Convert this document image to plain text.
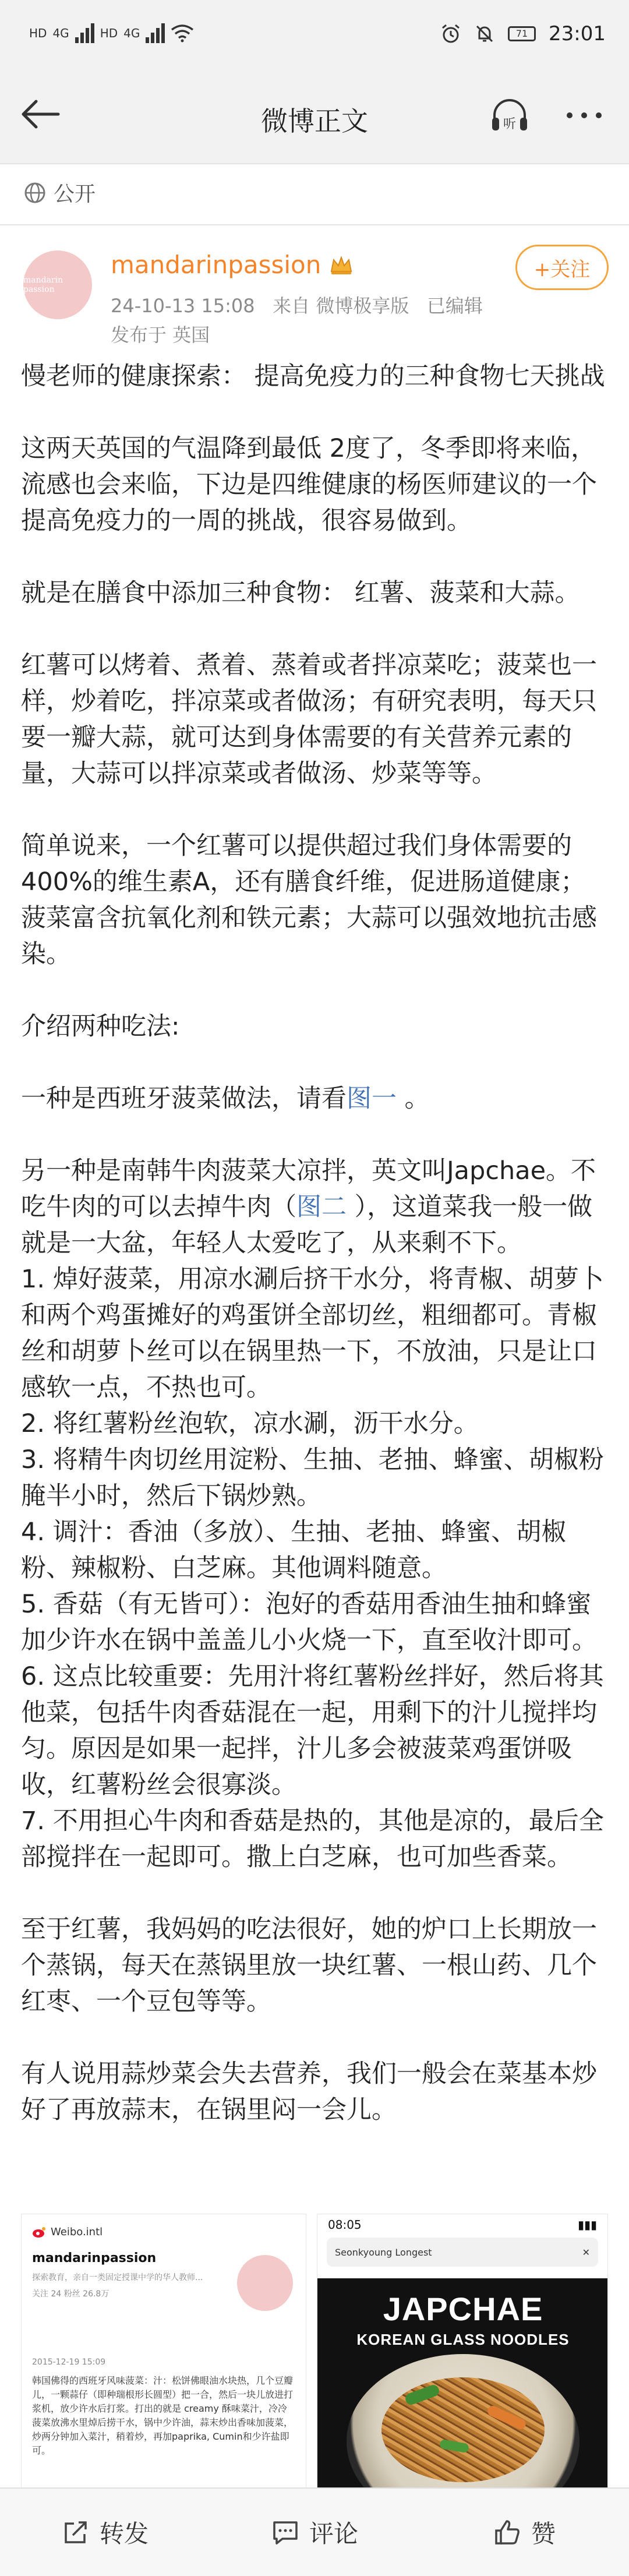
HD 4G	HD 4G	71	23:01
微博正文	听
公开
mandarin passion
mandarinpassion
24-10-13 15:08 来自 微博极享版 已编辑
发布于 英国
+关注

慢老师的健康探索： 提高免疫力的三种食物七天挑战

这两天英国的气温降到最低 2度了，冬季即将来临，流感也会来临，下边是四维健康的杨医师建议的一个提高免疫力的一周的挑战，很容易做到。

就是在膳食中添加三种食物： 红薯、菠菜和大蒜。

红薯可以烤着、煮着、蒸着或者拌凉菜吃；菠菜也一样，炒着吃，拌凉菜或者做汤；有研究表明，每天只要一瓣大蒜，就可达到身体需要的有关营养元素的量，大蒜可以拌凉菜或者做汤、炒菜等等。

简单说来，一个红薯可以提供超过我们身体需要的400%的维生素A，还有膳食纤维，促进肠道健康；菠菜富含抗氧化剂和铁元素；大蒜可以强效地抗击感染。

介绍两种吃法:

一种是西班牙菠菜做法，请看图一 。

另一种是南韩牛肉菠菜大凉拌，英文叫Japchae。不吃牛肉的可以去掉牛肉（图二 ），这道菜我一般一做就是一大盆，年轻人太爱吃了，从来剩不下。

1. 焯好菠菜，用凉水涮后挤干水分，将青椒、胡萝卜和两个鸡蛋摊好的鸡蛋饼全部切丝，粗细都可。青椒丝和胡萝卜丝可以在锅里热一下，不放油，只是让口感软一点，不热也可。

2. 将红薯粉丝泡软，凉水涮，沥干水分。

3. 将精牛肉切丝用淀粉、生抽、老抽、蜂蜜、胡椒粉腌半小时，然后下锅炒熟。

4. 调汁：香油（多放）、生抽、老抽、蜂蜜、胡椒粉、辣椒粉、白芝麻。其他调料随意。

5. 香菇（有无皆可）：泡好的香菇用香油生抽和蜂蜜加少许水在锅中盖盖儿小火烧一下，直至收汁即可。

6. 这点比较重要：先用汁将红薯粉丝拌好，然后将其他菜，包括牛肉香菇混在一起，用剩下的汁儿搅拌均匀。原因是如果一起拌，汁儿多会被菠菜鸡蛋饼吸收，红薯粉丝会很寡淡。

7. 不用担心牛肉和香菇是热的，其他是凉的，最后全部搅拌在一起即可。撒上白芝麻，也可加些香菜。

至于红薯，我妈妈的吃法很好，她的炉口上长期放一个蒸锅，每天在蒸锅里放一块红薯、一根山药、几个红枣、一个豆包等等。

有人说用蒜炒菜会失去营养，我们一般会在菜基本炒好了再放蒜末，在锅里闷一会儿。

Weibo.intl
mandarinpassion
探索教育，亲自一类固定授课中学的华人教师...
关注 24 粉丝 26.8万
2015-12-19 15:09
韩国佛得的西班牙风味菠菜：汁：松饼佛眼油水块热，几个豆瓣儿，一颗蒜仔（即种瑞根形长圆型）把一合，然后一块儿放进打浆机，放少许水后打浆。打出的就是 creamy 酥味菜汁，冷冷菠菜放沸水里焯后捞干水，锅中少许油，蒜末炒出香味加菠菜，炒两分钟加入菜汁，稍着炒，再加paprika, Cumin和少许盐即可。
08:05	▮▮▮
Seonkyoung Longest	✕
JAPCHAE
KOREAN GLASS NOODLES
转发	评论	赞
